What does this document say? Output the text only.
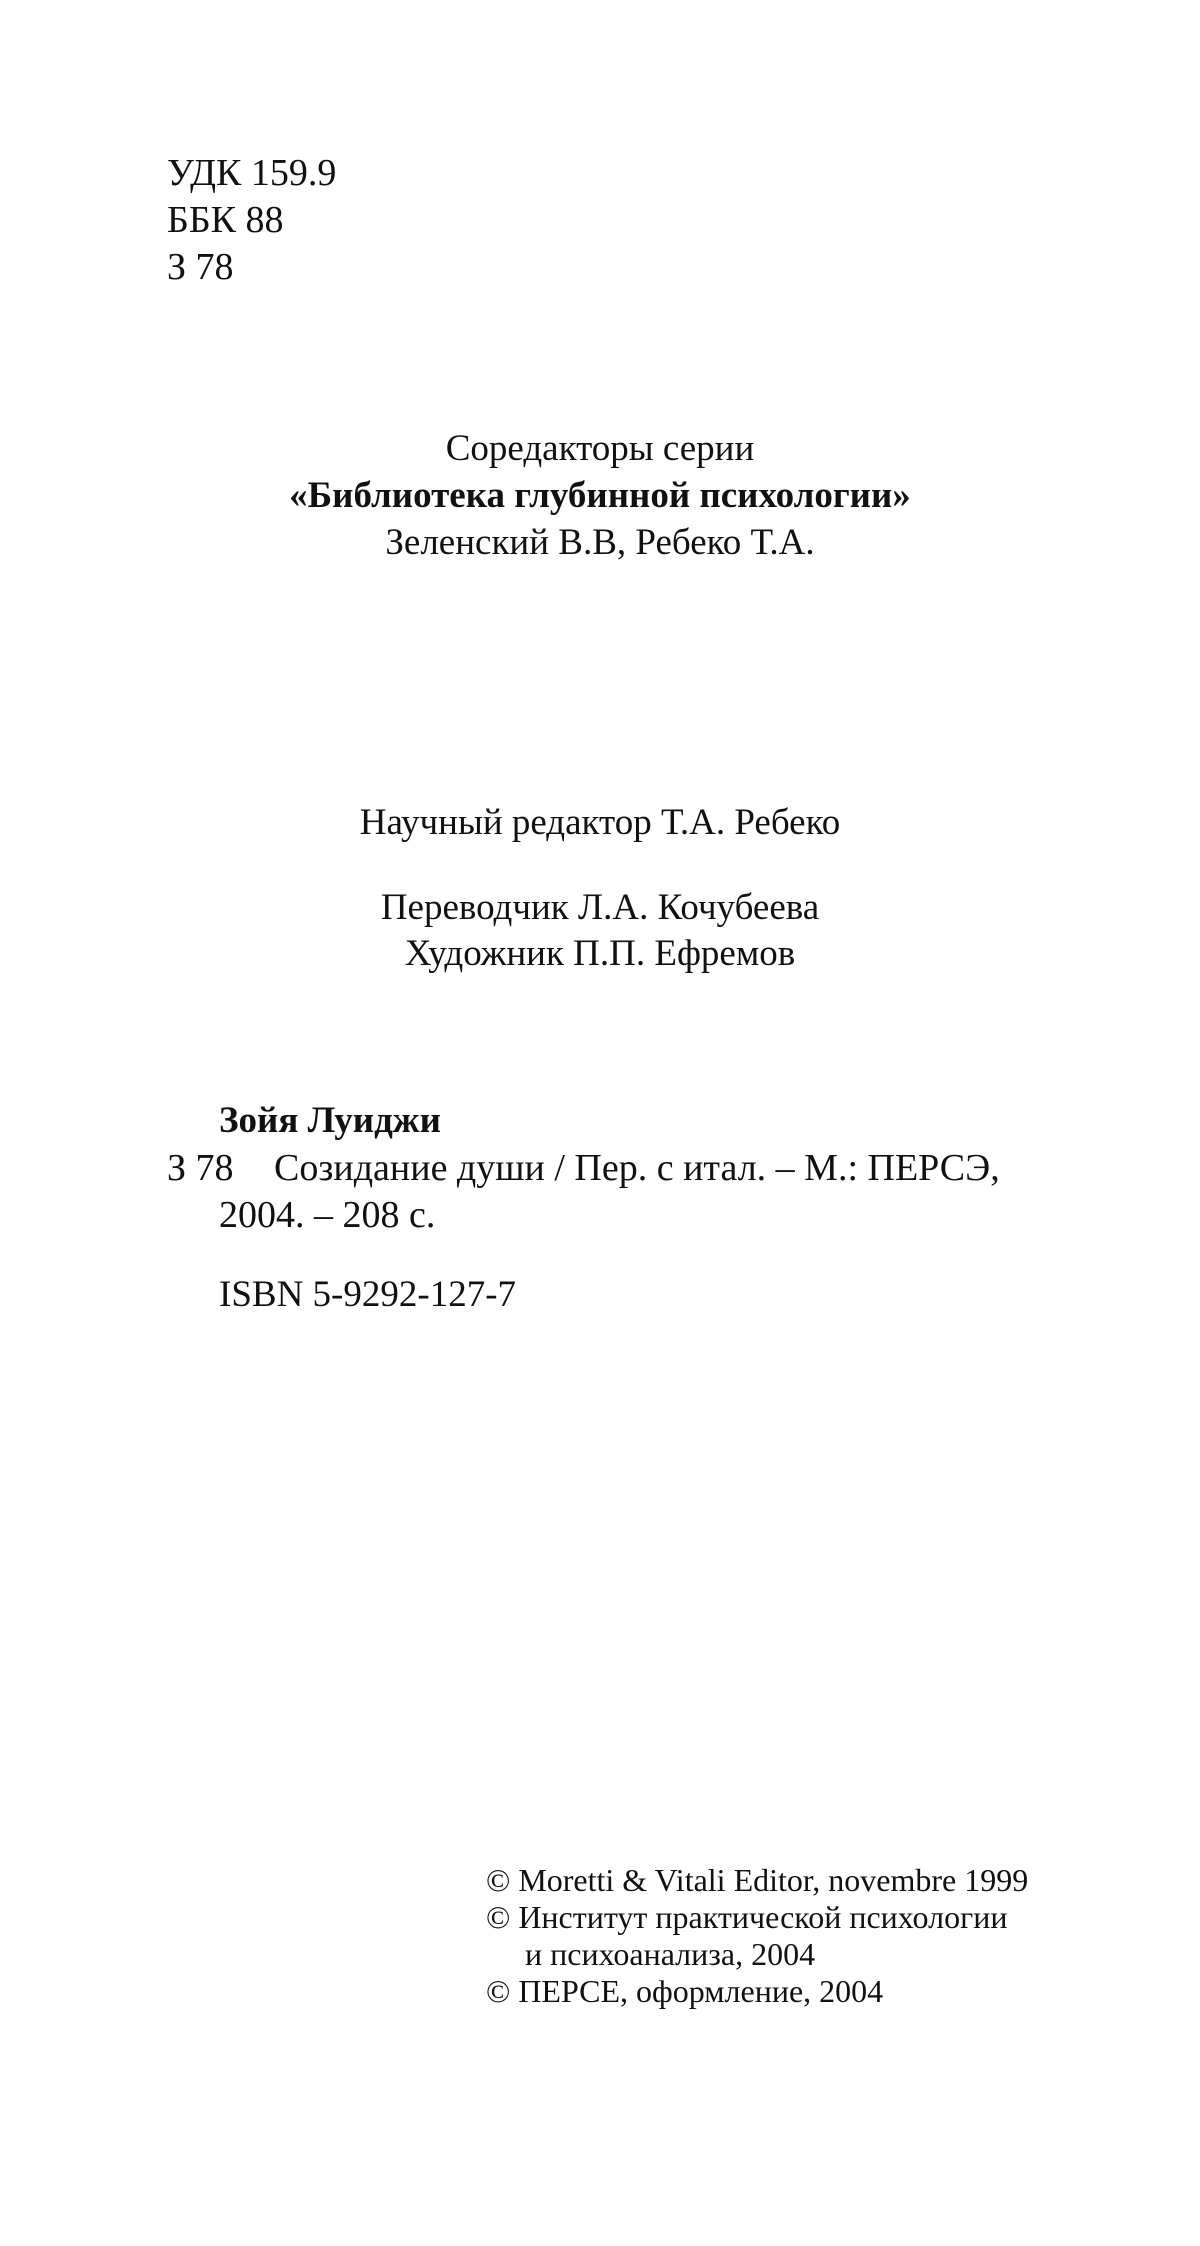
УДК 159.9
ББК 88
З 78
Соредакторы серии
«Библиотека глубинной психологии»
Зеленский В.В, Ребеко Т.А.
Научный редактор Т.А. Ребеко
Переводчик Л.А. Кочубеева
Художник П.П. Ефремов
Зойя Луиджи
З 78 Созидание души / Пер. с итал. – М.: ПЕРСЭ,
2004. – 208 с.
ISBN 5-9292-127-7
© Moretti & Vitali Editor, novembre 1999
© Институт практической психологии
и психоанализа, 2004
© ПЕРСЕ, оформление, 2004
